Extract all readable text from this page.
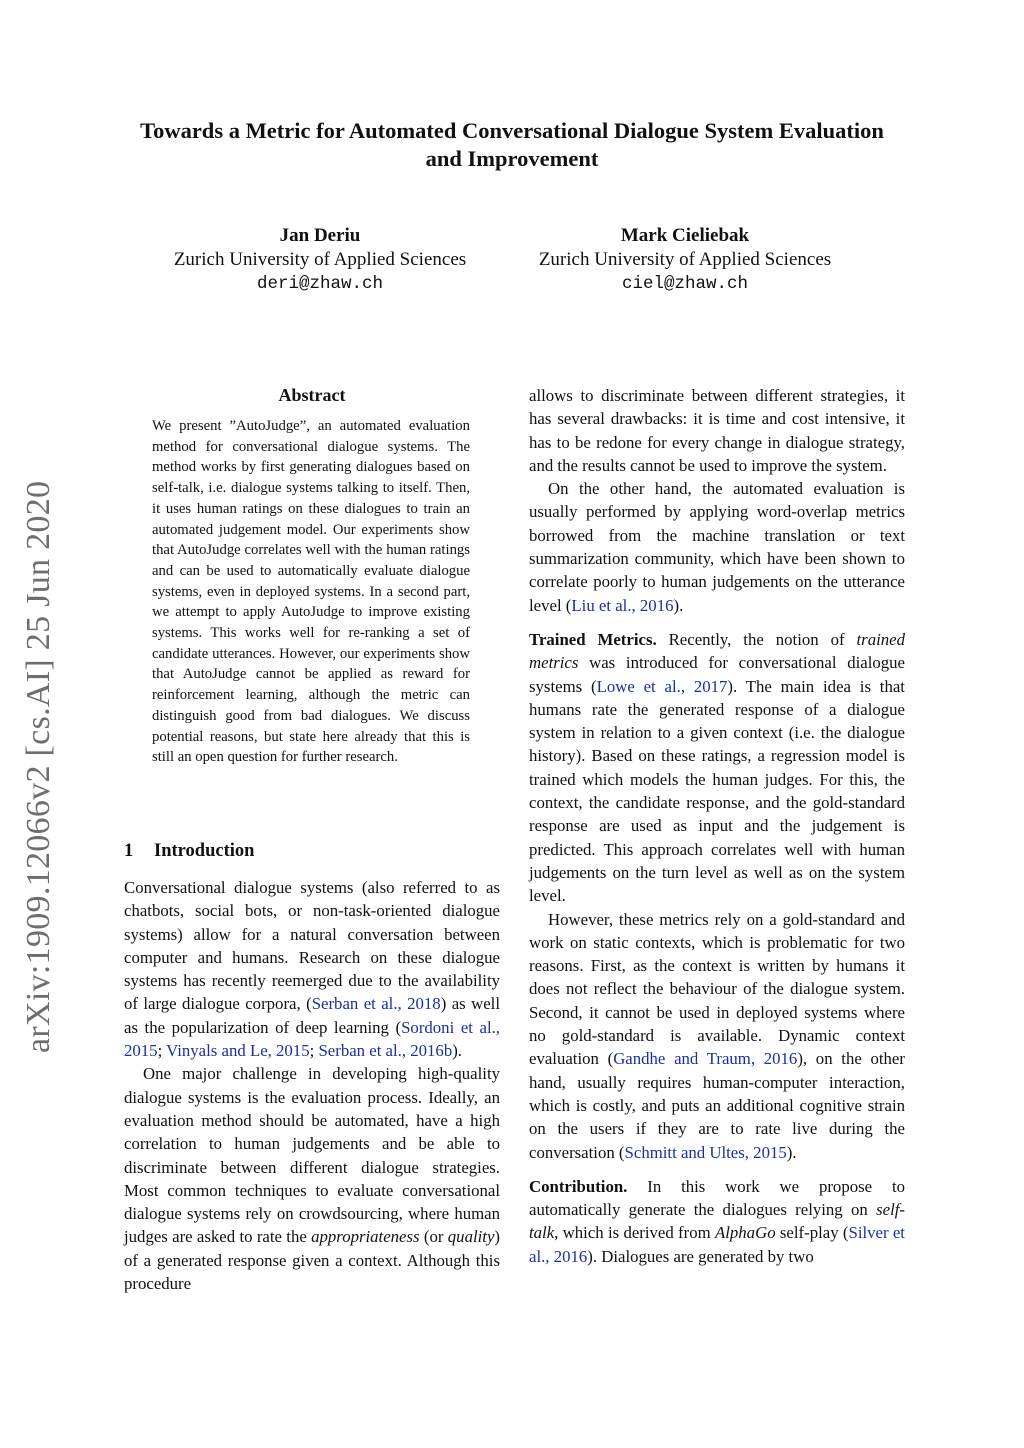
arXiv:1909.12066v2 [cs.AI] 25 Jun 2020
Towards a Metric for Automated Conversational Dialogue System Evaluation and Improvement
Jan Deriu
Zurich University of Applied Sciences
deri@zhaw.ch
Mark Cieliebak
Zurich University of Applied Sciences
ciel@zhaw.ch
Abstract
We present ”AutoJudge”, an automated evaluation method for conversational dialogue systems. The method works by first generating dialogues based on self-talk, i.e. dialogue systems talking to itself. Then, it uses human ratings on these dialogues to train an automated judgement model. Our experiments show that AutoJudge correlates well with the human ratings and can be used to automatically evaluate dialogue systems, even in deployed systems. In a second part, we attempt to apply AutoJudge to improve existing systems. This works well for re-ranking a set of candidate utterances. However, our experiments show that AutoJudge cannot be applied as reward for reinforcement learning, although the metric can distinguish good from bad dialogues. We discuss potential reasons, but state here already that this is still an open question for further research.
1 Introduction

Conversational dialogue systems (also referred to as chatbots, social bots, or non-task-oriented dialogue systems) allow for a natural conversation between computer and humans. Research on these dialogue systems has recently reemerged due to the availability of large dialogue corpora, (Serban et al., 2018) as well as the popularization of deep learning (Sordoni et al., 2015; Vinyals and Le, 2015; Serban et al., 2016b).

One major challenge in developing high-quality dialogue systems is the evaluation process. Ideally, an evaluation method should be automated, have a high correlation to human judgements and be able to discriminate between different dialogue strategies. Most common techniques to evaluate conversational dialogue systems rely on crowdsourcing, where human judges are asked to rate the appropriateness (or quality) of a generated response given a context. Although this procedure

allows to discriminate between different strategies, it has several drawbacks: it is time and cost intensive, it has to be redone for every change in dialogue strategy, and the results cannot be used to improve the system.

On the other hand, the automated evaluation is usually performed by applying word-overlap metrics borrowed from the machine translation or text summarization community, which have been shown to correlate poorly to human judgements on the utterance level (Liu et al., 2016).

Trained Metrics. Recently, the notion of trained metrics was introduced for conversational dialogue systems (Lowe et al., 2017). The main idea is that humans rate the generated response of a dialogue system in relation to a given context (i.e. the dialogue history). Based on these ratings, a regression model is trained which models the human judges. For this, the context, the candidate response, and the gold-standard response are used as input and the judgement is predicted. This approach correlates well with human judgements on the turn level as well as on the system level.

However, these metrics rely on a gold-standard and work on static contexts, which is problematic for two reasons. First, as the context is written by humans it does not reflect the behaviour of the dialogue system. Second, it cannot be used in deployed systems where no gold-standard is available. Dynamic context evaluation (Gandhe and Traum, 2016), on the other hand, usually requires human-computer interaction, which is costly, and puts an additional cognitive strain on the users if they are to rate live during the conversation (Schmitt and Ultes, 2015).

Contribution. In this work we propose to automatically generate the dialogues relying on self-talk, which is derived from AlphaGo self-play (Silver et al., 2016). Dialogues are generated by two
